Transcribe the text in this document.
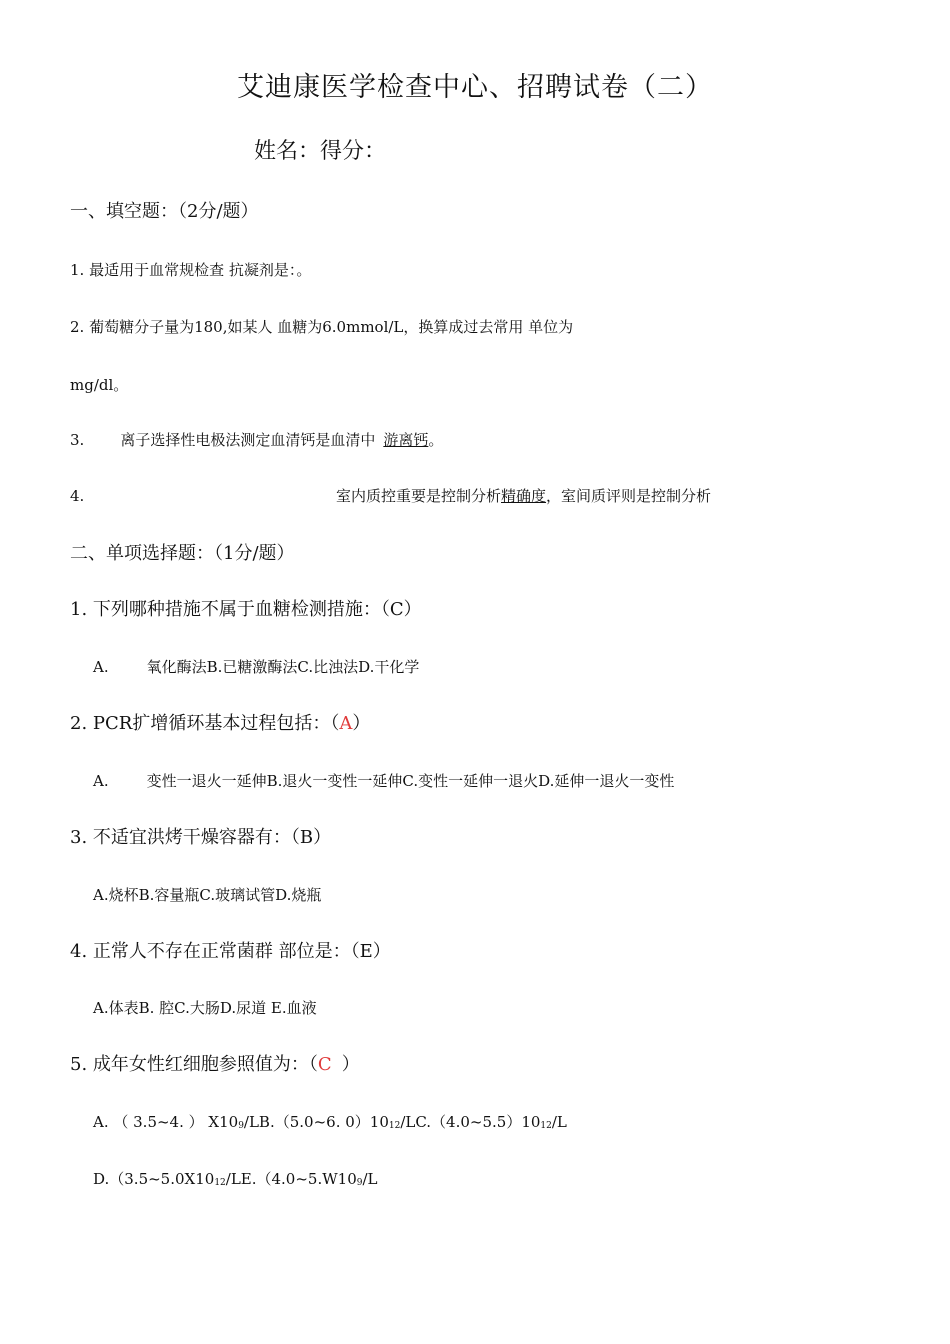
艾迪康医学检查中心、招聘试卷（二）
姓名：得分：
一、填空题：（2分/题）
1. 最适用于血常规检查 抗凝剂是：。
2. 葡萄糖分子量为180,如某人 血糖为6.0mmol/L，换算成过去常用 单位为
mg/dl。
3. 离子选择性电极法测定血清钙是血清中 游离钙。
4.	室内质控重要是控制分析精确度，室间质评则是控制分析
二、单项选择题：（1分/题）
1. 下列哪种措施不属于血糖检测措施：（C）
A.	氧化酶法B.已糖激酶法C.比浊法D.干化学
2. PCR扩增循环基本过程包括：（A）
A.	变性一退火一延伸B.退火一变性一延伸C.变性一延伸一退火D.延伸一退火一变性
3. 不适宜洪烤干燥容器有：（B）
A.烧杯B.容量瓶C.玻璃试管D.烧瓶
4. 正常人不存在正常菌群 部位是：（E）
A.体表B. 腔C.大肠D.尿道 E.血液
5. 成年女性红细胞参照值为：（C ）
A. （ 3.5~4. ） $X10_9/LB.(5.0\sim 6$. $0)10_{12}/LC.(4.0\sim 5.5)10_{12}/L$
$D.(3.5\sim 5.0X10_{12}/LE.(4.0\sim 5.W10_9/L$
